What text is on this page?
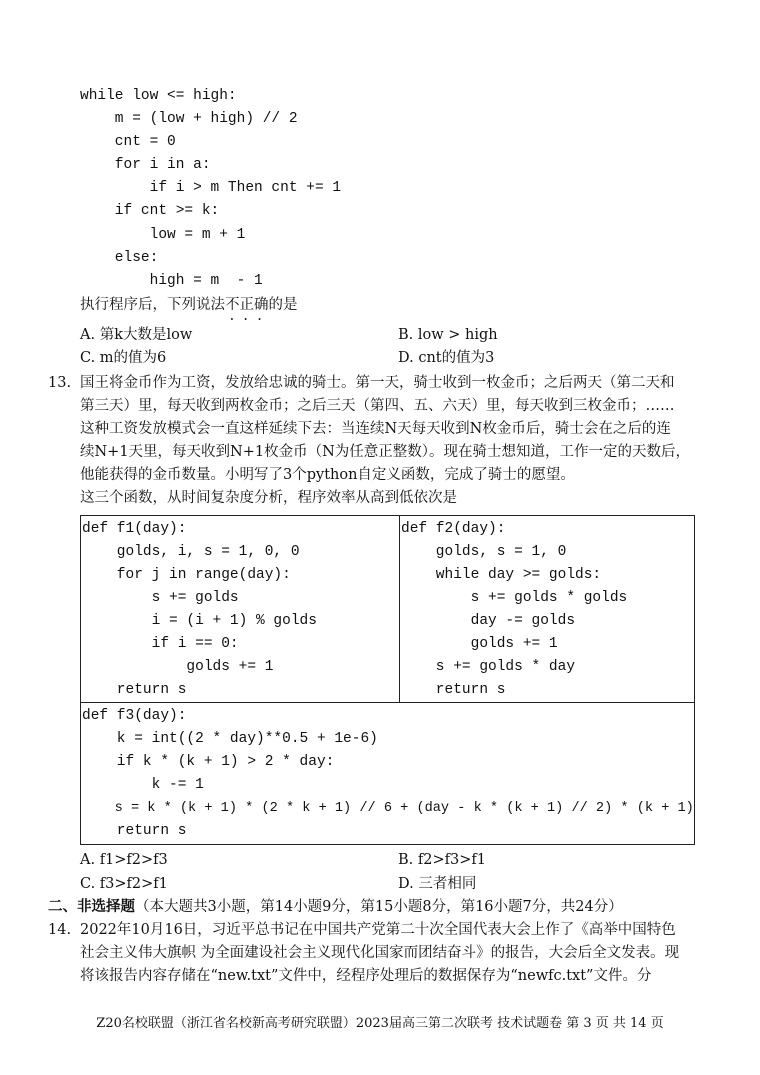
while low <= high:
m = (low + high) // 2
cnt = 0
for i in a:
if i > m Then cnt += 1
if cnt >= k:
low = m + 1
else:
high = m  - 1
执行程序后，下列说法不正确的是
·  ·  ·
A. 第k大数是low	B. low > high
C. m的值为6	D. cnt的值为3
13. 国王将金币作为工资，发放给忠诚的骑士。第一天，骑士收到一枚金币；之后两天（第二天和
第三天）里，每天收到两枚金币；之后三天（第四、五、六天）里，每天收到三枚金币；……
这种工资发放模式会一直这样延续下去：当连续N天每天收到N枚金币后，骑士会在之后的连
续N+1天里，每天收到N+1枚金币（N为任意正整数）。现在骑士想知道，工作一定的天数后，
他能获得的金币数量。小明写了3个python自定义函数，完成了骑士的愿望。
这三个函数，从时间复杂度分析，程序效率从高到低依次是
def f1(day):
golds, i, s = 1, 0, 0
for j in range(day):
s += golds
i = (i + 1) % golds
if i == 0:
golds += 1
return s

def f2(day):
golds, s = 1, 0
while day >= golds:
s += golds * golds
day -= golds
golds += 1
s += golds * day
return s

def f3(day):
k = int((2 * day)**0.5 + 1e-6)
if k * (k + 1) > 2 * day:
k -= 1
s = k * (k + 1) * (2 * k + 1) // 6 + (day - k * (k + 1) // 2) * (k + 1)
return s
A. f1>f2>f3	B. f2>f3>f1
C. f3>f2>f1	D. 三者相同
二、非选择题（本大题共3小题，第14小题9分，第15小题8分，第16小题7分，共24分）
14. 2022年10月16日，习近平总书记在中国共产党第二十次全国代表大会上作了《高举中国特色
社会主义伟大旗帜 为全面建设社会主义现代化国家而团结奋斗》的报告，大会后全文发表。现
将该报告内容存储在“new.txt”文件中，经程序处理后的数据保存为“newfc.txt”文件。分
Z20名校联盟（浙江省名校新高考研究联盟）2023届高三第二次联考 技术试题卷 第 3 页 共 14 页
